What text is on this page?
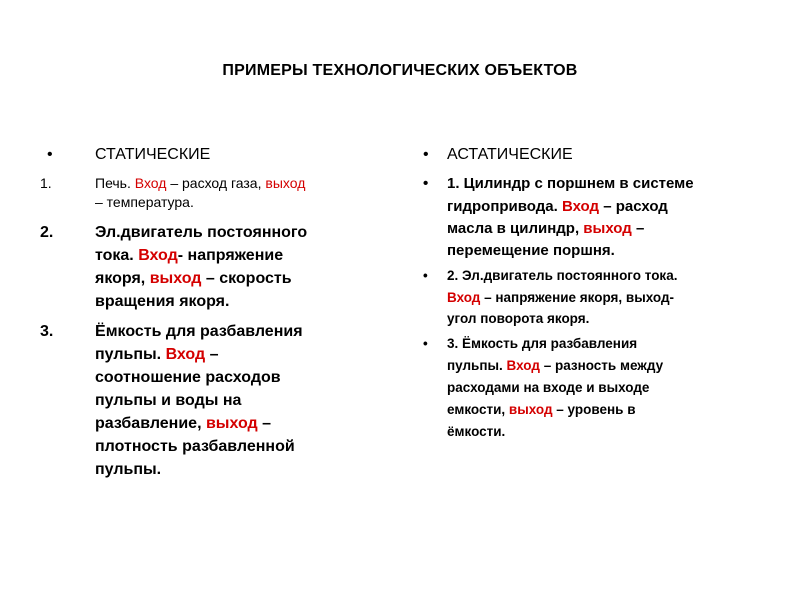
ПРИМЕРЫ ТЕХНОЛОГИЧЕСКИХ ОБЪЕКТОВ
•	СТАТИЧЕСКИЕ
1.	Печь. Вход – расход газа, выход
– температура.
2.	Эл.двигатель постоянного
тока. Вход- напряжение
якоря, выход – скорость
вращения якоря.
3.	Ёмкость для разбавления
пульпы. Вход –
соотношение расходов
пульпы и воды на
разбавление, выход –
плотность разбавленной
пульпы.
• АСТАТИЧЕСКИЕ
• 1. Цилиндр с поршнем в системе
гидропривода. Вход – расход
масла в цилиндр, выход –
перемещение поршня.
• 2. Эл.двигатель постоянного тока.
Вход – напряжение якоря, выход-
угол поворота якоря.
• 3. Ёмкость для разбавления
пульпы. Вход – разность между
расходами на входе и выходе
емкости, выход – уровень в
ёмкости.
